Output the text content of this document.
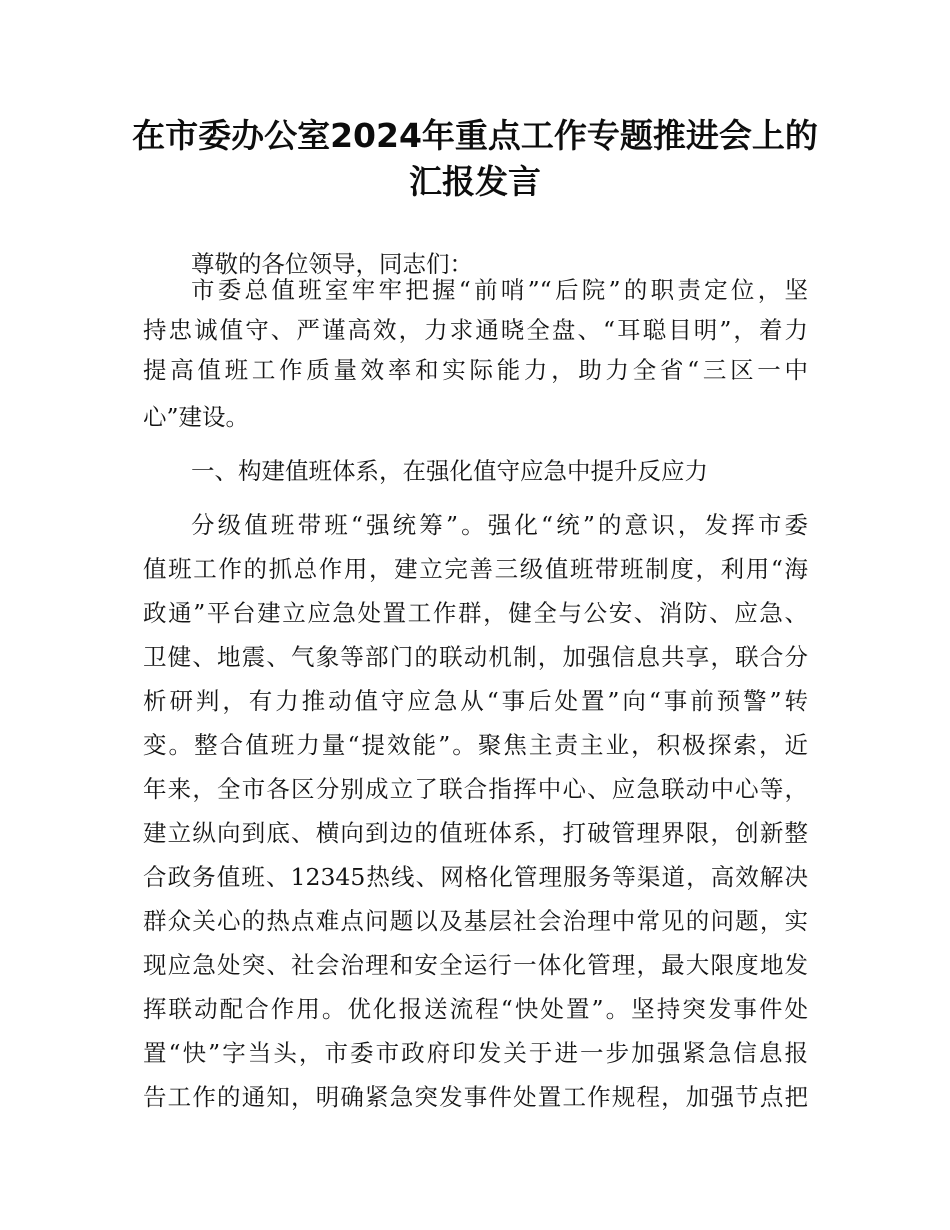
在市委办公室2024年重点工作专题推进会上的
汇报发言
尊敬的各位领导，同志们：
市委总值班室牢牢把握“前哨”“后院”的职责定位，坚
持忠诚值守、严谨高效，力求通晓全盘、“耳聪目明”，着力
提高值班工作质量效率和实际能力，助力全省“三区一中
心”建设。
一、构建值班体系，在强化值守应急中提升反应力
分级值班带班“强统筹”。强化“统”的意识，发挥市委
值班工作的抓总作用，建立完善三级值班带班制度，利用“海
政通”平台建立应急处置工作群，健全与公安、消防、应急、
卫健、地震、气象等部门的联动机制，加强信息共享，联合分
析研判，有力推动值守应急从“事后处置”向“事前预警”转
变。整合值班力量“提效能”。聚焦主责主业，积极探索，近
年来，全市各区分别成立了联合指挥中心、应急联动中心等，
建立纵向到底、横向到边的值班体系，打破管理界限，创新整
合政务值班、12345热线、网格化管理服务等渠道，高效解决
群众关心的热点难点问题以及基层社会治理中常见的问题，实
现应急处突、社会治理和安全运行一体化管理，最大限度地发
挥联动配合作用。优化报送流程“快处置”。坚持突发事件处
置“快”字当头，市委市政府印发关于进一步加强紧急信息报
告工作的通知，明确紧急突发事件处置工作规程，加强节点把
